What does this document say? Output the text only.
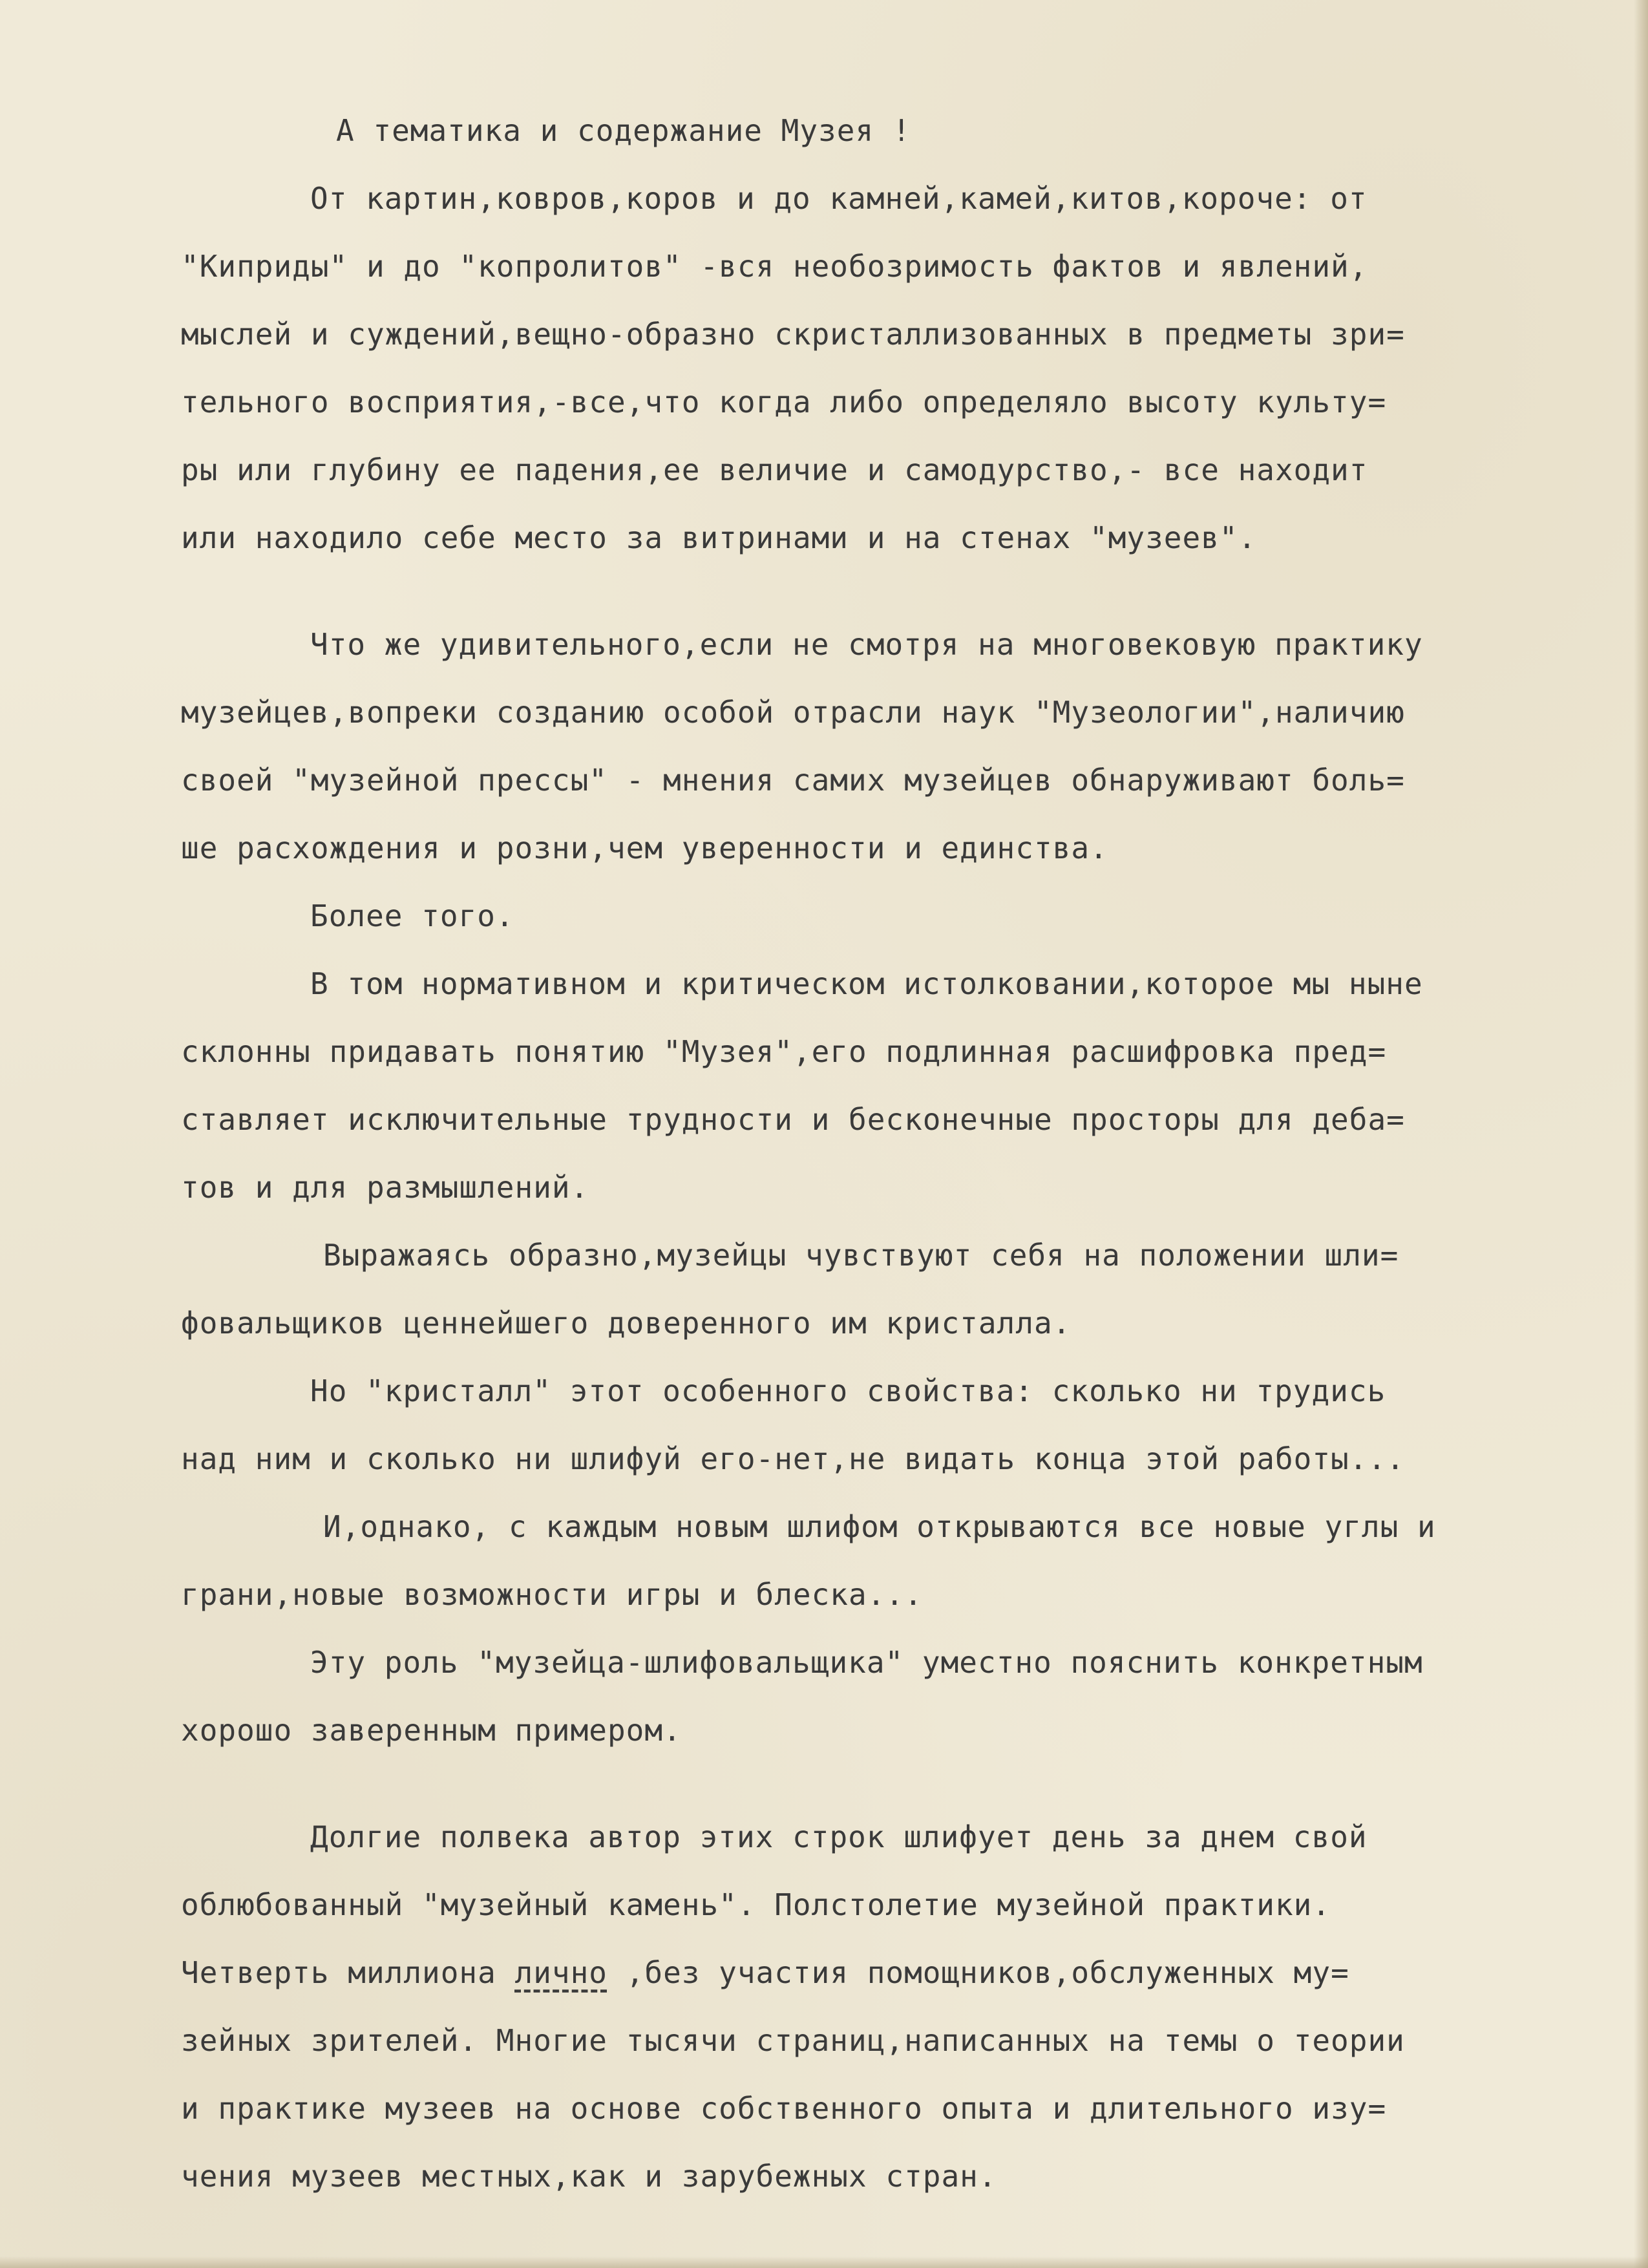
А тематика и содержание Музея !
От картин,ковров,коров и до камней,камей,китов,короче: от
"Киприды" и до "копролитов" -вся необозримость фактов и явлений,
мыслей и суждений,вещно-образно скристаллизованных в предметы зри=
тельного восприятия,-все,что когда либо определяло высоту культу=
ры или глубину ее падения,ее величие и самодурство,- все находит
или находило себе место за витринами и на стенах "музеев".
Что же удивительного,если не смотря на многовековую практику
музейцев,вопреки созданию особой отрасли наук "Музеологии",наличию
своей "музейной прессы" - мнения самих музейцев обнаруживают боль=
ше расхождения и розни,чем уверенности и единства.
Более того.
В том нормативном и критическом истолковании,которое мы ныне
склонны придавать понятию "Музея",его подлинная расшифровка пред=
ставляет исключительные трудности и бесконечные просторы для деба=
тов и для размышлений.
Выражаясь образно,музейцы чувствуют себя на положении шли=
фовальщиков ценнейшего доверенного им кристалла.
Но "кристалл" этот особенного свойства: сколько ни трудись
над ним и сколько ни шлифуй его-нет,не видать конца этой работы...
И,однако, с каждым новым шлифом открываются все новые углы и
грани,новые возможности игры и блеска...
Эту роль "музейца-шлифовальщика" уместно пояснить конкретным
хорошо заверенным примером.
Долгие полвека автор этих строк шлифует день за днем свой
облюбованный "музейный камень". Полстолетие музейной практики.
Четверть миллиона лично ,без участия помощников,обслуженных му=
зейных зрителей. Многие тысячи страниц,написанных на темы о теории
и практике музеев на основе собственного опыта и длительного изу=
чения музеев местных,как и зарубежных стран.
